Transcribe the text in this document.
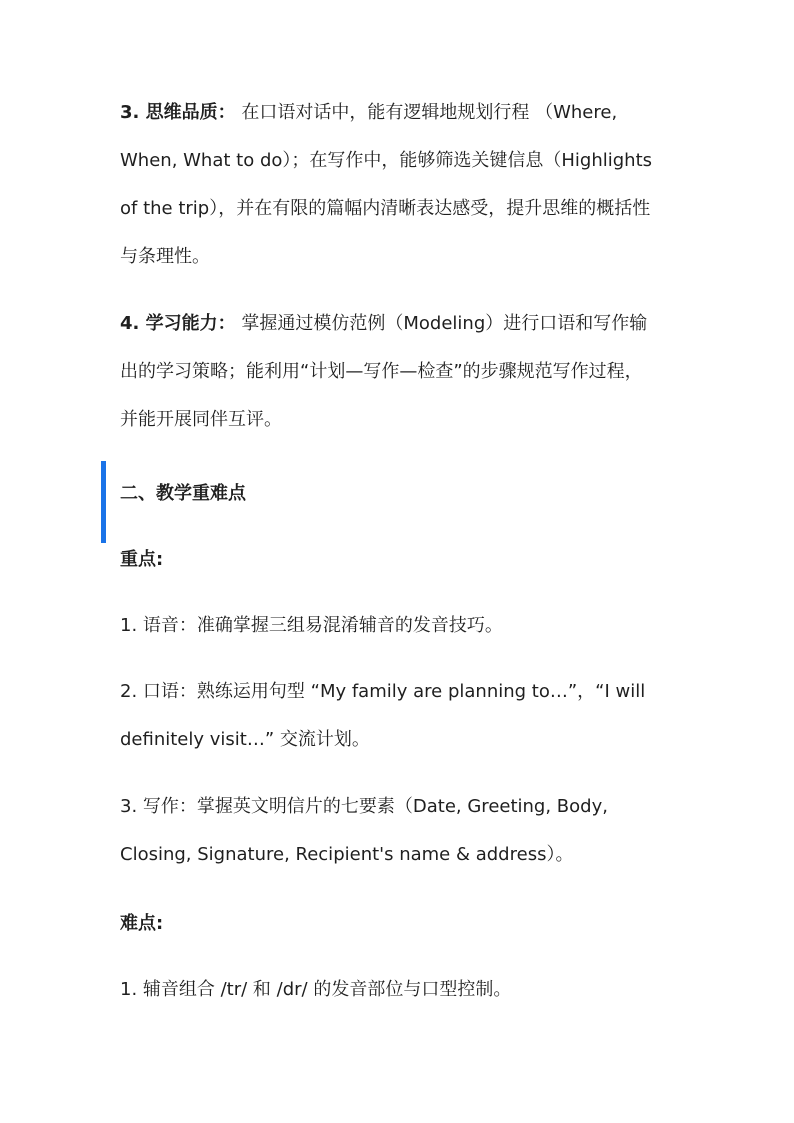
3. 思维品质： 在口语对话中，能有逻辑地规划行程 （Where,
When, What to do）；在写作中，能够筛选关键信息（Highlights
of the trip），并在有限的篇幅内清晰表达感受，提升思维的概括性
与条理性。
4. 学习能力： 掌握通过模仿范例（Modeling）进行口语和写作输
出的学习策略；能利用“计划—写作—检查”的步骤规范写作过程，
并能开展同伴互评。
二、教学重难点

重点:

1. 语音：准确掌握三组易混淆辅音的发音技巧。
2. 口语：熟练运用句型 “My family are planning to…”，“I will
definitely visit…” 交流计划。
3. 写作：掌握英文明信片的七要素（Date, Greeting, Body,
Closing, Signature, Recipient's name & address）。

难点:

1. 辅音组合 /tr/ 和 /dr/ 的发音部位与口型控制。
